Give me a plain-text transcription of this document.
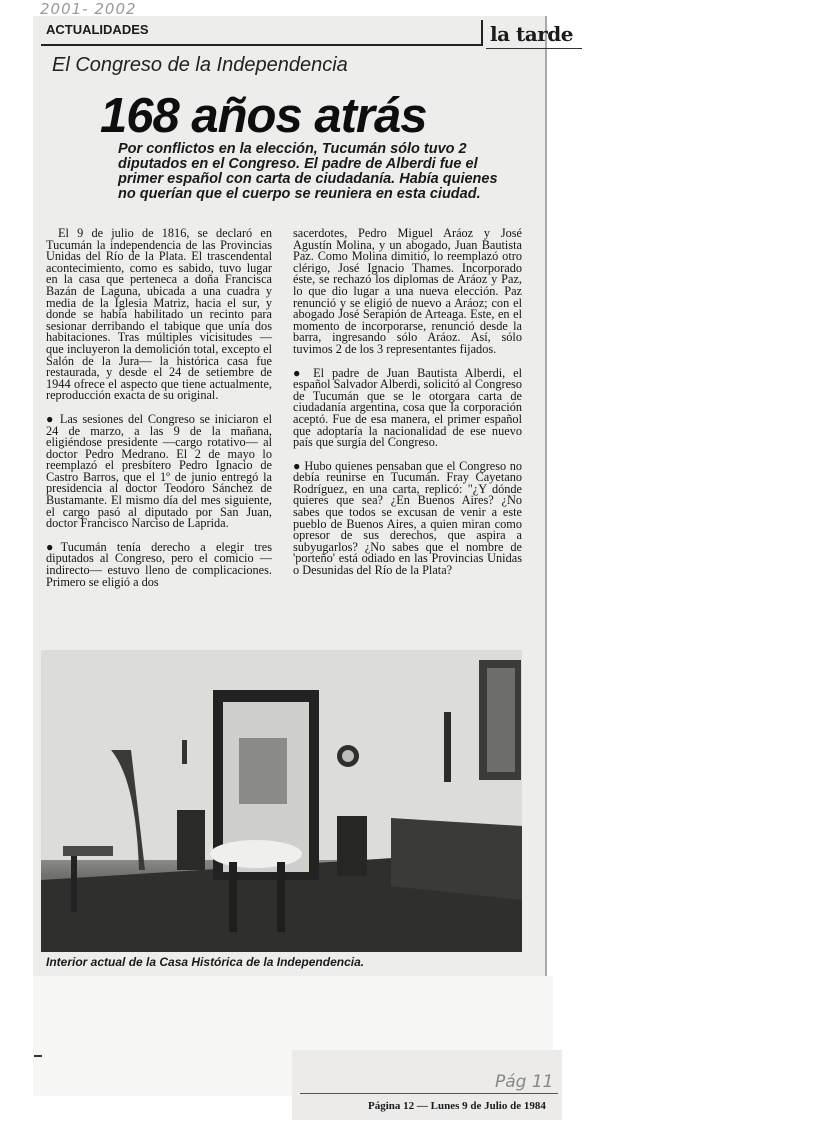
2001- 2002
ACTUALIDADES	la tarde
El Congreso de la Independencia
168 años atrás
Por conflictos en la elección, Tucumán sólo tuvo 2 diputados en el Congreso. El padre de Alberdi fue el primer español con carta de ciudadanía. Había quienes no querían que el cuerpo se reuniera en esta ciudad.

El 9 de julio de 1816, se declaró en Tucumán la independencia de las Provincias Unidas del Río de la Plata. El trascendental acontecimiento, como es sabido, tuvo lugar en la casa que perteneca a doña Francisca Bazán de Laguna, ubicada a una cuadra y media de la Iglesia Matriz, hacia el sur, y donde se había habilitado un recinto para sesionar derribando el tabique que unía dos habitaciones. Tras múltiples vicisitudes —que incluyeron la demolición total, excepto el Salón de la Jura— la histórica casa fue restaurada, y desde el 24 de setiembre de 1944 ofrece el aspecto que tiene actualmente, reproducción exacta de su original.

● Las sesiones del Congreso se iniciaron el 24 de marzo, a las 9 de la mañana, eligiéndose presidente —cargo rotativo— al doctor Pedro Medrano. El 2 de mayo lo reemplazó el presbítero Pedro Ignacio de Castro Barros, que el 1º de junio entregó la presidencia al doctor Teodoro Sánchez de Bustamante. El mismo día del mes siguiente, el cargo pasó al diputado por San Juan, doctor Francisco Narciso de Laprida.

●Tucumán tenía derecho a elegir tres diputados al Congreso, pero el comicio —indirecto— estuvo lleno de complicaciones. Primero se eligió a dos

sacerdotes, Pedro Miguel Aráoz y José Agustín Molina, y un abogado, Juan Bautista Paz. Como Molina dimitió, lo reemplazó otro clérigo, José Ignacio Thames. Incorporado éste, se rechazó los diplomas de Aráoz y Paz, lo que dio lugar a una nueva elección. Paz renunció y se eligió de nuevo a Aráoz; con el abogado José Serapión de Arteaga. Este, en el momento de incorporarse, renunció desde la barra, ingresando sólo Aráoz. Así, sólo tuvimos 2 de los 3 representantes fijados.

● El padre de Juan Bautista Alberdi, el español Salvador Alberdi, solicitó al Congreso de Tucumán que se le otorgara carta de ciudadanía argentina, cosa que la corporación aceptó. Fue de esa manera, el primer español que adoptaría la nacionalidad de ese nuevo país que surgía del Congreso.

● Hubo quienes pensaban que el Congreso no debía reunirse en Tucumán. Fray Cayetano Rodríguez, en una carta, replicó: "¿Y dónde quieres que sea? ¿En Buenos Aires? ¿No sabes que todos se excusan de venir a este pueblo de Buenos Aires, a quien miran como opresor de sus derechos, que aspira a subyugarlos? ¿No sabes que el nombre de 'porteño' está odiado en las Provincias Unidas o Desunidas del Río de la Plata?

Interior actual de la Casa Histórica de la Independencia.
Pág 11
Página 12 — Lunes 9 de Julio de 1984
